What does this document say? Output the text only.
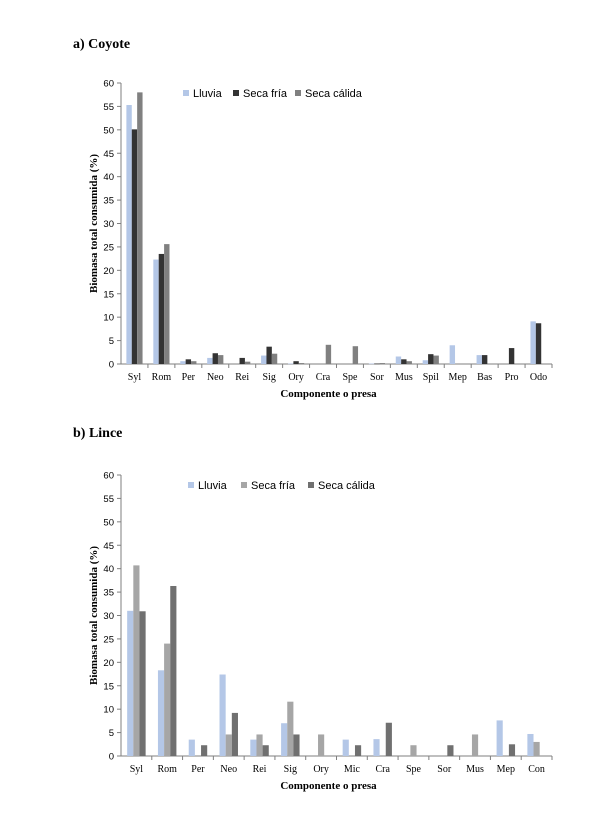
a) Coyote
b) Lince
0
5
10
15
20
25
30
35
40
45
50
55
60
Syl Rom Per Neo Rei Sig Ory Cra Spe Sor Mus Spil Mep Bas Pro Odo
Componente o presa
Biomasa total consumida (%)
Lluvia Seca fría Seca cálida
0
5
10
15
20
25
30
35
40
45
50
55
60
Syl Rom Per Neo Rei Sig Ory Mic Cra Spe Sor Mus Mep Con
Componente o presa
Biomasa total consumida (%)
Lluvia Seca fría Seca cálida
